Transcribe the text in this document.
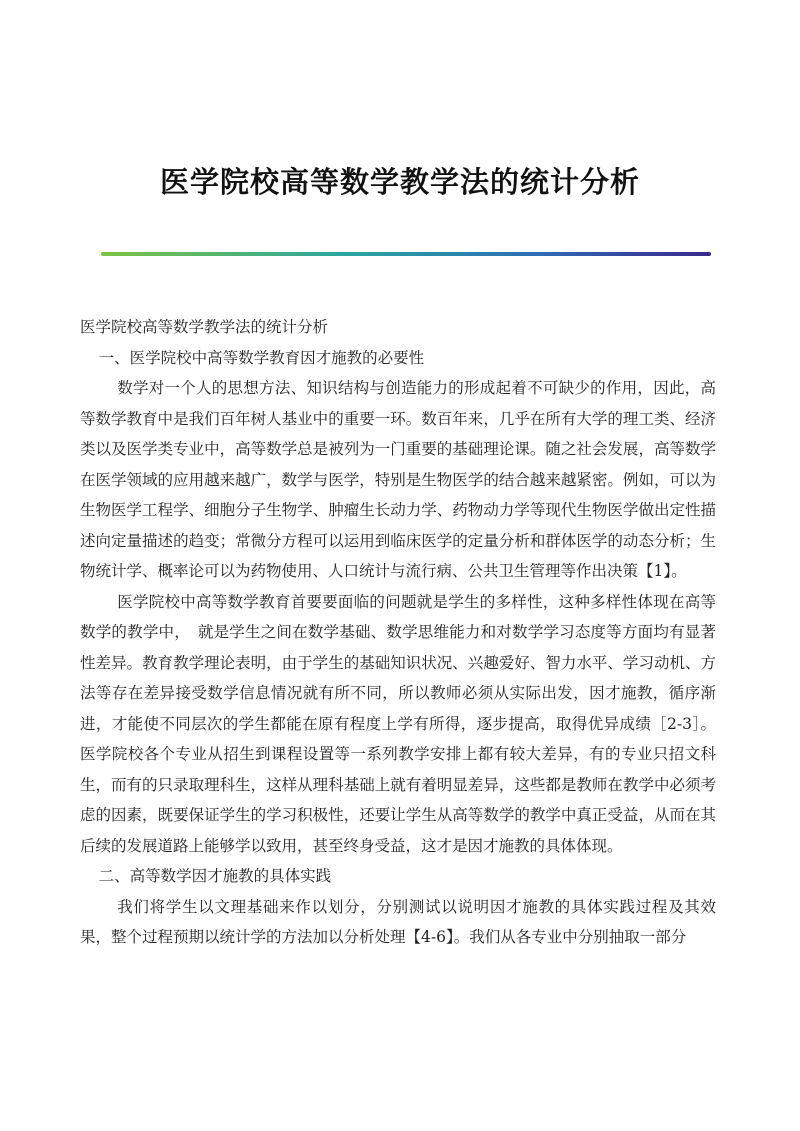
医学院校高等数学教学法的统计分析

医学院校高等数学教学法的统计分析

一、医学院校中高等数学教育因才施教的必要性

数学对一个人的思想方法、知识结构与创造能力的形成起着不可缺少的作用，因此，高等数学教育中是我们百年树人基业中的重要一环。数百年来，几乎在所有大学的理工类、经济类以及医学类专业中，高等数学总是被列为一门重要的基础理论课。随之社会发展，高等数学在医学领域的应用越来越广，数学与医学，特别是生物医学的结合越来越紧密。例如，可以为生物医学工程学、细胞分子生物学、肿瘤生长动力学、药物动力学等现代生物医学做出定性描述向定量描述的趋变；常微分方程可以运用到临床医学的定量分析和群体医学的动态分析；生物统计学、概率论可以为药物使用、人口统计与流行病、公共卫生管理等作出决策【1】。

医学院校中高等数学教育首要要面临的问题就是学生的多样性，这种多样性体现在高等数学的教学中，　就是学生之间在数学基础、数学思维能力和对数学学习态度等方面均有显著性差异。教育教学理论表明，由于学生的基础知识状况、兴趣爱好、智力水平、学习动机、方法等存在差异接受数学信息情况就有所不同，所以教师必须从实际出发，因才施教，循序渐进，才能使不同层次的学生都能在原有程度上学有所得，逐步提高，取得优异成绩［2-3］。医学院校各个专业从招生到课程设置等一系列教学安排上都有较大差异，有的专业只招文科生，而有的只录取理科生，这样从理科基础上就有着明显差异，这些都是教师在教学中必须考虑的因素，既要保证学生的学习积极性，还要让学生从高等数学的教学中真正受益，从而在其后续的发展道路上能够学以致用，甚至终身受益，这才是因才施教的具体体现。

二、高等数学因才施教的具体实践

我们将学生以文理基础来作以划分，分别测试以说明因才施教的具体实践过程及其效果，整个过程预期以统计学的方法加以分析处理【4-6】。我们从各专业中分别抽取一部分
